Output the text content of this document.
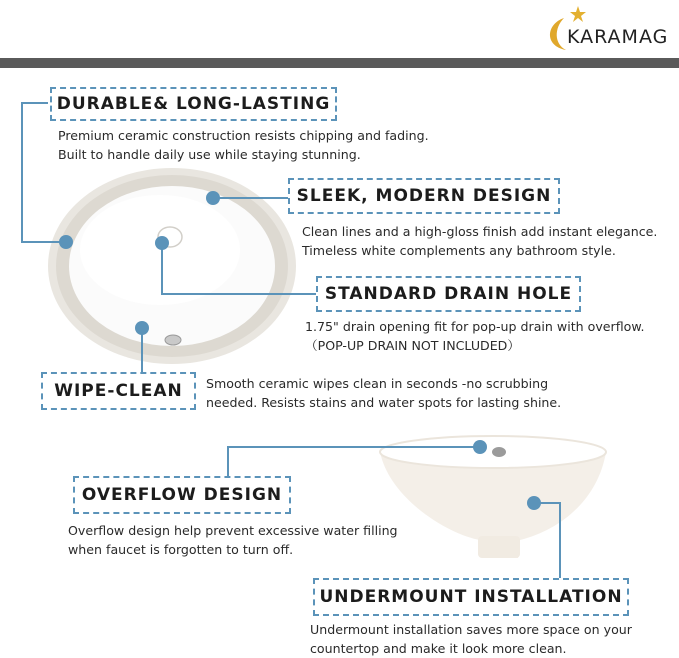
KARAMAG
DURABLE& LONG-LASTING
Premium ceramic construction resists chipping and fading.
Built to handle daily use while staying stunning.
SLEEK, MODERN DESIGN
Clean lines and a high-gloss finish add instant elegance.
Timeless white complements any bathroom style.
STANDARD DRAIN HOLE
1.75" drain opening fit for pop-up drain with overflow.
（POP-UP DRAIN NOT INCLUDED）
WIPE-CLEAN	Smooth ceramic wipes clean in seconds -no scrubbing
needed. Resists stains and water spots for lasting shine.
OVERFLOW DESIGN
Overflow design help prevent excessive water filling
when faucet is forgotten to turn off.
UNDERMOUNT INSTALLATION
Undermount installation saves more space on your
countertop and make it look more clean.
